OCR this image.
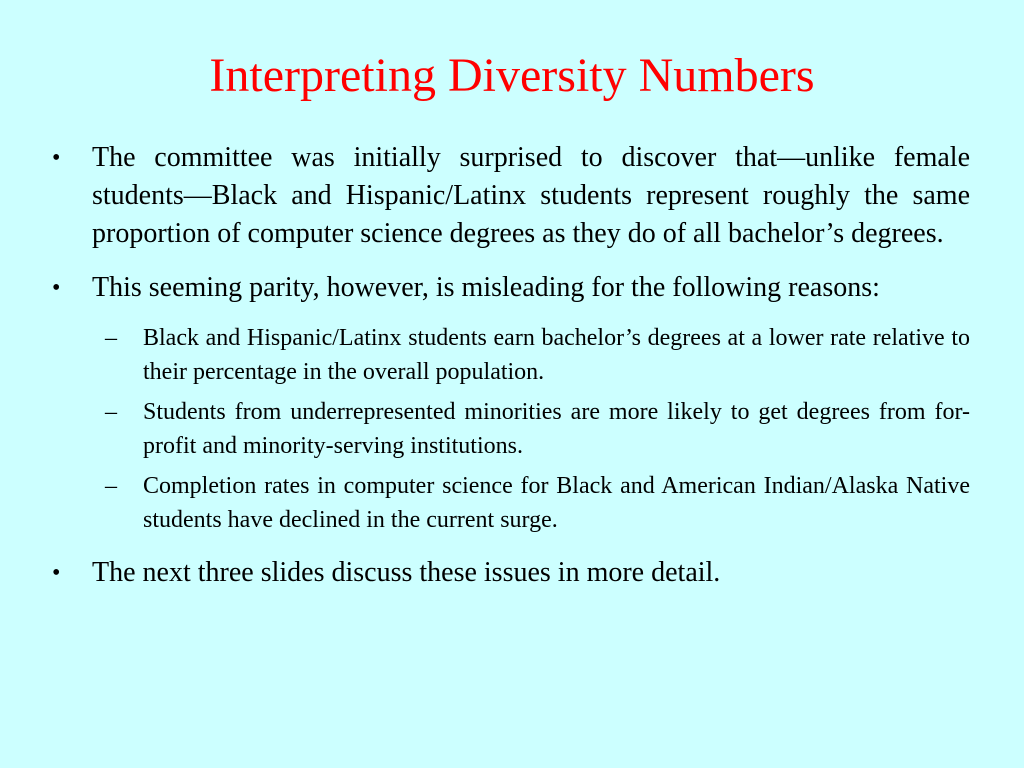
Interpreting Diversity Numbers
• The committee was initially surprised to discover that—unlike female students—Black and Hispanic/Latinx students represent roughly the same proportion of computer science degrees as they do of all bachelor’s degrees.
• This seeming parity, however, is misleading for the following reasons:
– Black and Hispanic/Latinx students earn bachelor’s degrees at a lower rate relative to their percentage in the overall population.
– Students from underrepresented minorities are more likely to get degrees from for-profit and minority-serving institutions.
– Completion rates in computer science for Black and American Indian/Alaska Native students have declined in the current surge.
• The next three slides discuss these issues in more detail.
